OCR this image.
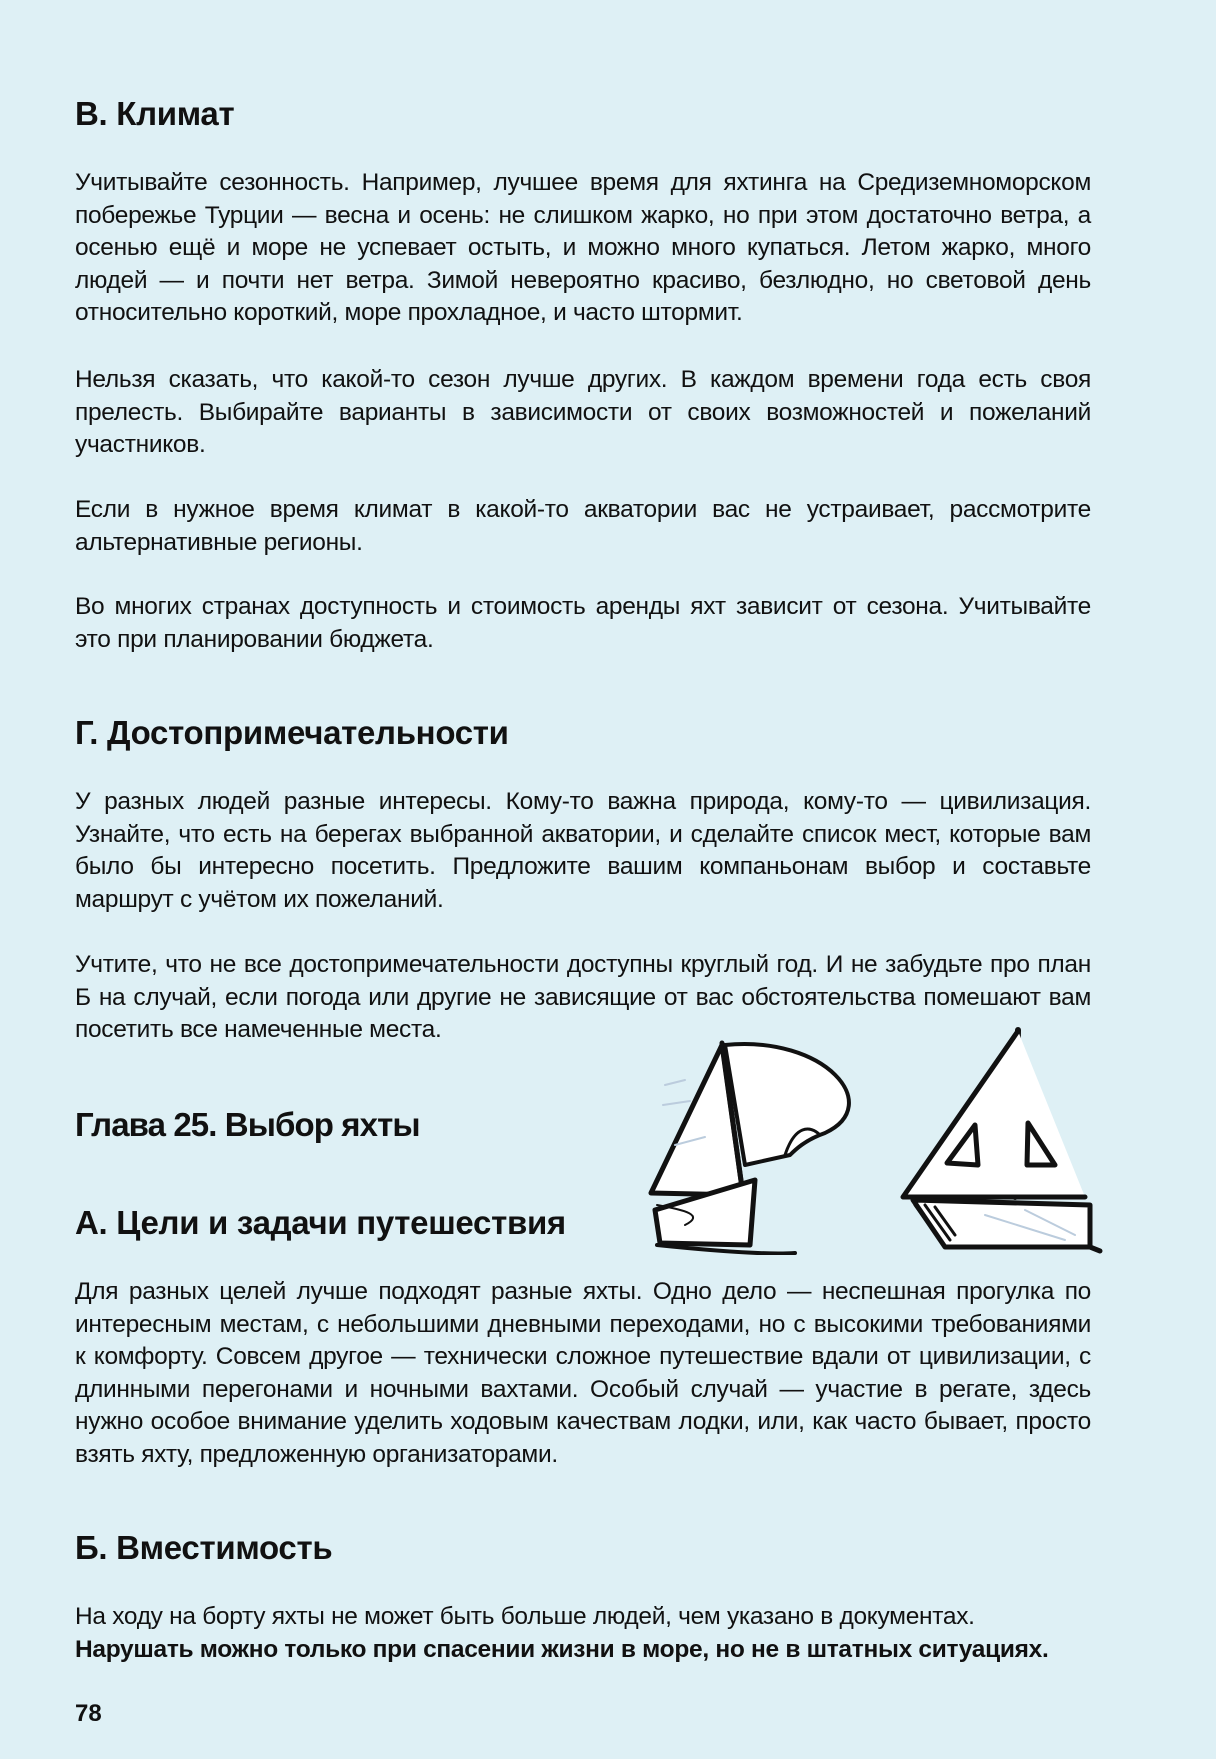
В. Климат

Учитывайте сезонность. Например, лучшее время для яхтинга на Средиземноморском побережье Турции — весна и осень: не слишком жарко, но при этом достаточно ветра, а осенью ещё и море не успевает остыть, и можно много купаться. Летом жарко, много людей — и почти нет ветра. Зимой невероятно красиво, безлюдно, но световой день относительно короткий, море прохладное, и часто штормит.

Нельзя сказать, что какой-то сезон лучше других. В каждом времени года есть своя прелесть. Выбирайте варианты в зависимости от своих возможностей и пожеланий участников.

Если в нужное время климат в какой-то акватории вас не устраивает, рассмотрите альтернативные регионы.

Во многих странах доступность и стоимость аренды яхт зависит от сезона. Учитывайте это при планировании бюджета.

Г. Достопримечательности

У разных людей разные интересы. Кому-то важна природа, кому-то — цивилизация. Узнайте, что есть на берегах выбранной акватории, и сделайте список мест, которые вам было бы интересно посетить. Предложите вашим компаньонам выбор и составьте маршрут с учётом их пожеланий.

Учтите, что не все достопримечательности доступны круглый год. И не забудьте про план Б на случай, если погода или другие не зависящие от вас обстоятельства помешают вам посетить все намеченные места.

Глава 25. Выбор яхты
А. Цели и задачи путешествия

Для разных целей лучше подходят разные яхты. Одно дело — неспешная прогулка по интересным местам, с небольшими дневными переходами, но с высокими требованиями к комфорту. Совсем другое — технически сложное путешествие вдали от цивилизации, с длинными перегонами и ночными вахтами. Особый случай — участие в регате, здесь нужно особое внимание уделить ходовым качествам лодки, или, как часто бывает, просто взять яхту, предложенную организаторами.

Б. Вместимость

На ходу на борту яхты не может быть больше людей, чем указано в документах.
Нарушать можно только при спасении жизни в море, но не в штатных ситуациях.

78
